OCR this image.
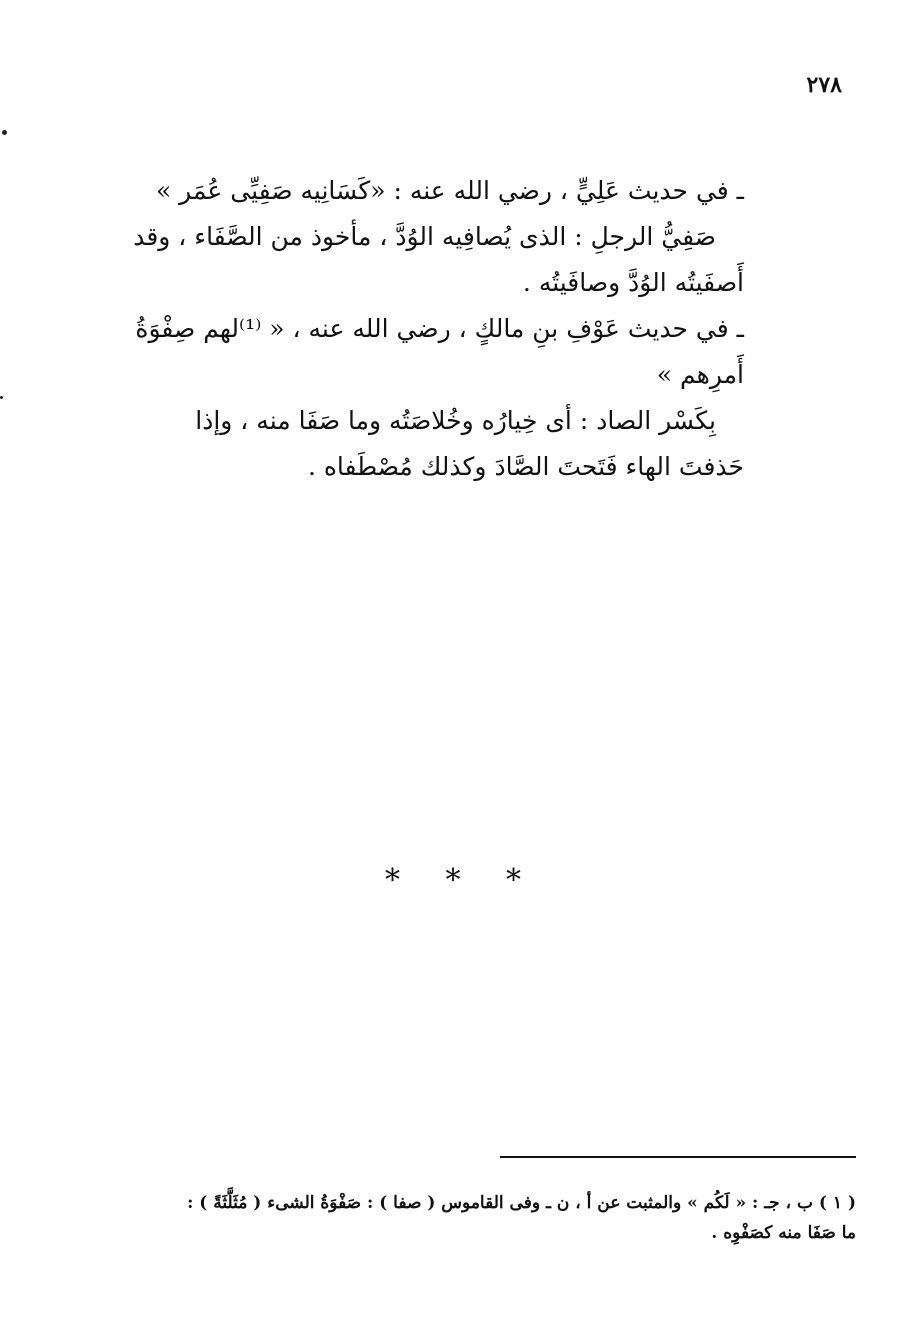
٢٧٨
ـ في حديث عَلِيٍّ ، رضي الله عنه : «كَسَانِيه صَفِيِّى عُمَر »
صَفِيُّ الرجلِ : الذى يُصافِيه الوُدَّ ، مأخوذ من الصَّفَاء ، وقد
أَصفَيتُه الوُدَّ وصافَيتُه .
ـ في حديث عَوْفِ بنِ مالكٍ ، رضي الله عنه ، « ⁽¹⁾لهم صِفْوَةُ
أَمرِهم »
بِكَسْر الصاد : أى خِيارُه وخُلاصَتُه وما صَفَا منه ، وإذا
حَذفتَ الهاء فَتَحتَ الصَّادَ وكذلك مُصْطَفاه .
* * *
( ١ ) ب ، جـ : « لَكُم » والمثبت عن أ ، ن ـ وفى القاموس ( صفا ) : صَفْوَةُ الشىء ( مُثَلَّثَةً ) :
ما صَفَا منه كصَفْوِه .
